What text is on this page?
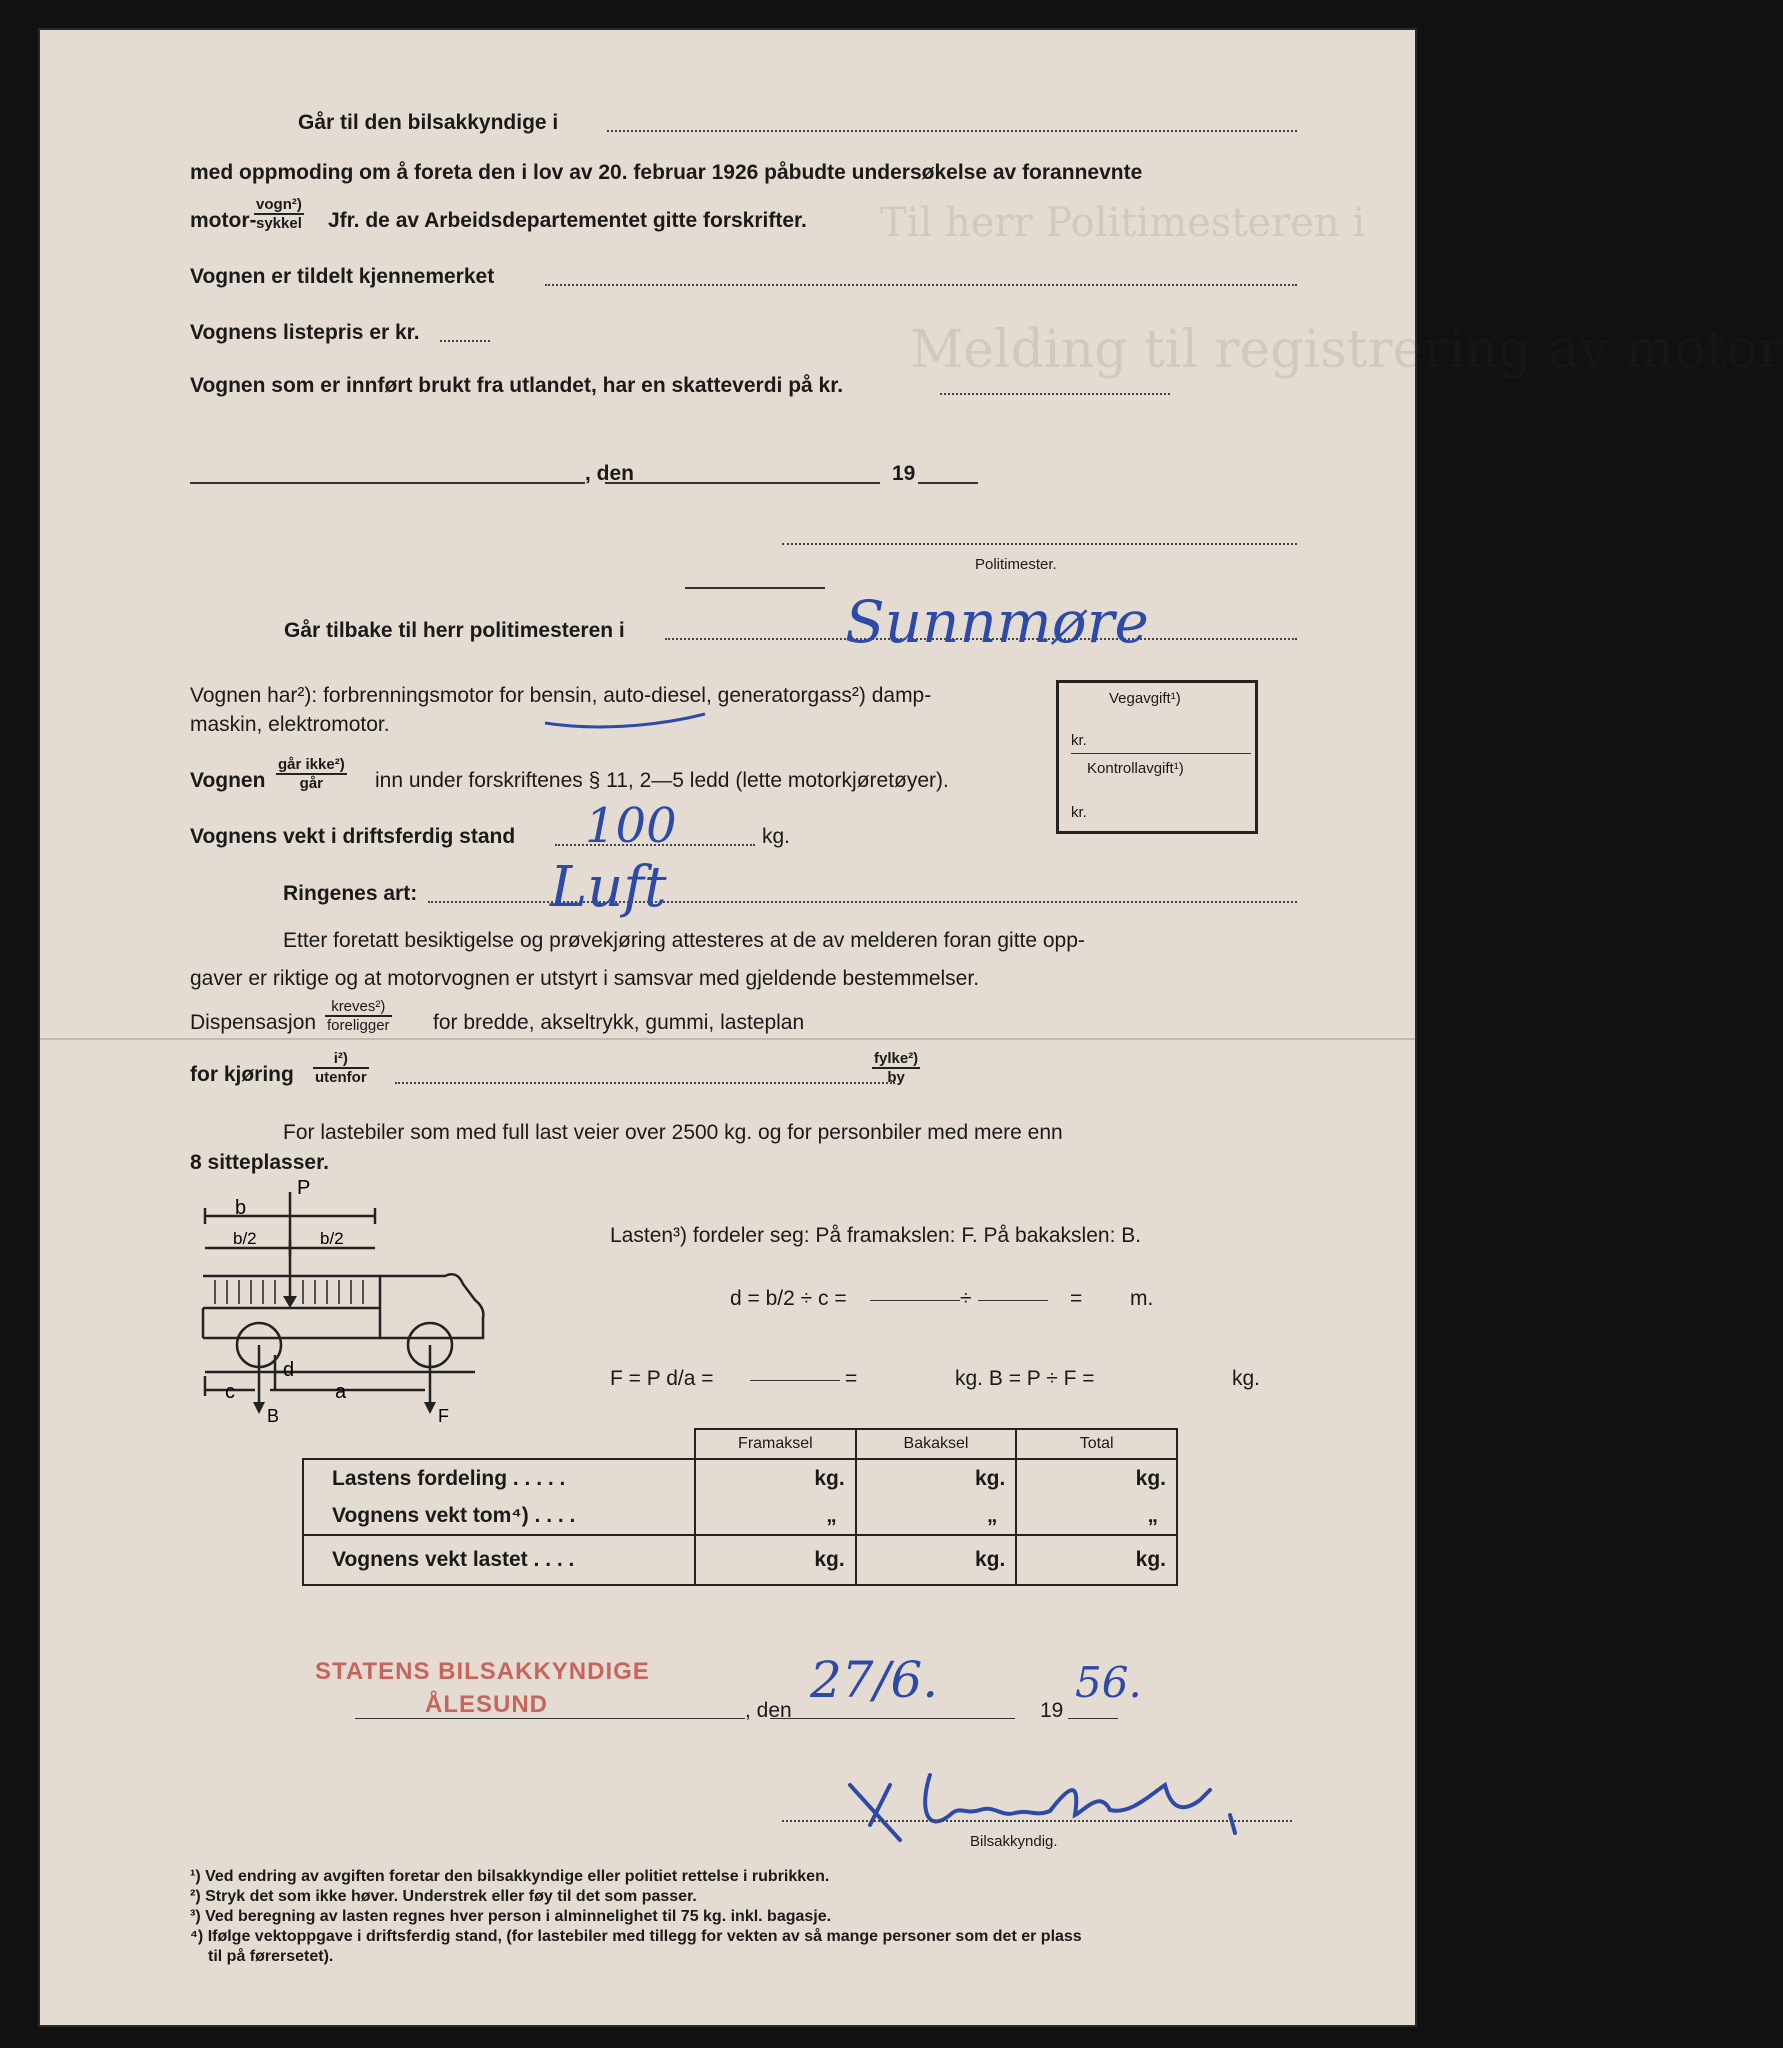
Til herr Politimesteren i
Melding til registrering av motor
Går til den bilsakkyndige i
med oppmoding om å foreta den i lov av 20. februar 1926 påbudte undersøkelse av forannevnte
motor-
vogn²)
sykkel Jfr. de av Arbeidsdepartementet gitte forskrifter.
Vognen er tildelt kjennemerket
Vognens listepris er kr.
Vognen som er innført brukt fra utlandet, har en skatteverdi på kr.
, den	19
Politimester.
Går tilbake til herr politimesteren i	Sunnmøre
Vognen har²): forbrenningsmotor for bensin, auto-diesel, generatorgass²) damp-
maskin, elektromotor.
Vognen
går ikke²)
går	inn under forskriftenes § 11, 2—5 ledd (lette motorkjøretøyer).
Vognens vekt i driftsferdig stand	kg.
100
Ringenes art: Luft
Vegavgift¹)
kr.
Kontrollavgift¹)
kr.
Etter foretatt besiktigelse og prøvekjøring attesteres at de av melderen foran gitte opp-
gaver er riktige og at motorvognen er utstyrt i samsvar med gjeldende bestemmelser.
Dispensasjon
kreves²)
foreligger for bredde, akseltrykk, gummi, lasteplan
for kjøring
i²)
utenfor
fylke²)
by
For lastebiler som med full last veier over 2500 kg. og for personbiler med mere enn
8 sitteplasser.
P
b
b/2	b/2
d
c	a
B	F
Lasten³) fordeler seg: På framakslen: F. På bakakslen: B.
d = b/2 ÷ c =	÷	= m.
F = P d/a =	=	kg. B = P ÷ F =	kg.
	Framaksel	Bakaksel	Total
Lastens fordeling . . . . .	kg.	kg.	kg.
Vognens vekt tom⁴) . . . .	„	„	„
Vognens vekt lastet . . . .	kg.	kg.	kg.
STATENS BILSAKKYNDIGE
ÅLESUND	, den	19
27/6.	56.
Bilsakkyndig.
¹) Ved endring av avgiften foretar den bilsakkyndige eller politiet rettelse i rubrikken.
²) Stryk det som ikke høver. Understrek eller føy til det som passer.
³) Ved beregning av lasten regnes hver person i alminnelighet til 75 kg. inkl. bagasje.
⁴) Ifølge vektoppgave i driftsferdig stand, (for lastebiler med tillegg for vekten av så mange personer som det er plass
til på førersetet).
